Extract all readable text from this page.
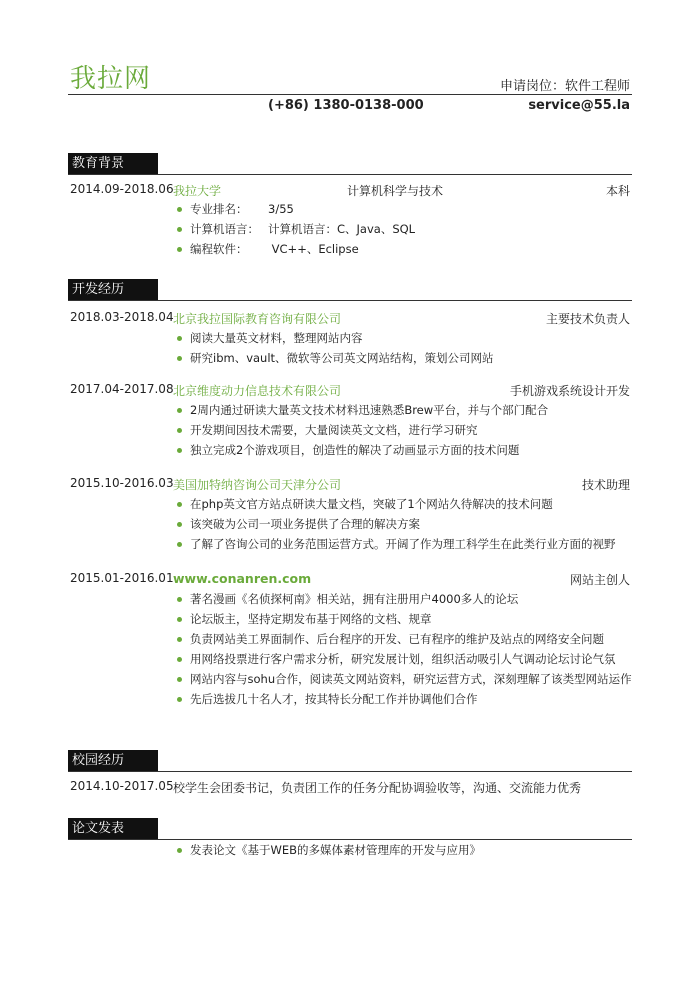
我拉网	申请岗位：软件工程师
(+86) 1380-0138-000	service@55.la
教育背景
2014.09-2018.06 我拉大学	计算机科学与技术	本科
专业排名： 3/55
计算机语言： 计算机语言：C、Java、SQL
编程软件： VC++、Eclipse
开发经历
2018.03-2018.04 北京我拉国际教育咨询有限公司	主要技术负责人
阅读大量英文材料，整理网站内容
研究ibm、vault、微软等公司英文网站结构，策划公司网站
2017.04-2017.08 北京维度动力信息技术有限公司	手机游戏系统设计开发
2周内通过研读大量英文技术材料迅速熟悉Brew平台，并与个部门配合
开发期间因技术需要，大量阅读英文文档，进行学习研究
独立完成2个游戏项目，创造性的解决了动画显示方面的技术问题
2015.10-2016.03 美国加特纳咨询公司天津分公司	技术助理
在php英文官方站点研读大量文档，突破了1个网站久待解决的技术问题
该突破为公司一项业务提供了合理的解决方案
了解了咨询公司的业务范围运营方式。开阔了作为理工科学生在此类行业方面的视野
2015.01-2016.01 www.conanren.com	网站主创人
著名漫画《名侦探柯南》相关站，拥有注册用户4000多人的论坛
论坛版主，坚持定期发布基于网络的文档、规章
负责网站美工界面制作、后台程序的开发、已有程序的维护及站点的网络安全问题
用网络投票进行客户需求分析，研究发展计划，组织活动吸引人气调动论坛讨论气氛
网站内容与sohu合作，阅读英文网站资料，研究运营方式，深刻理解了该类型网站运作
先后选拔几十名人才，按其特长分配工作并协调他们合作
校园经历
2014.10-2017.05 校学生会团委书记，负责团工作的任务分配协调验收等，沟通、交流能力优秀
论文发表
发表论文《基于WEB的多媒体素材管理库的开发与应用》
